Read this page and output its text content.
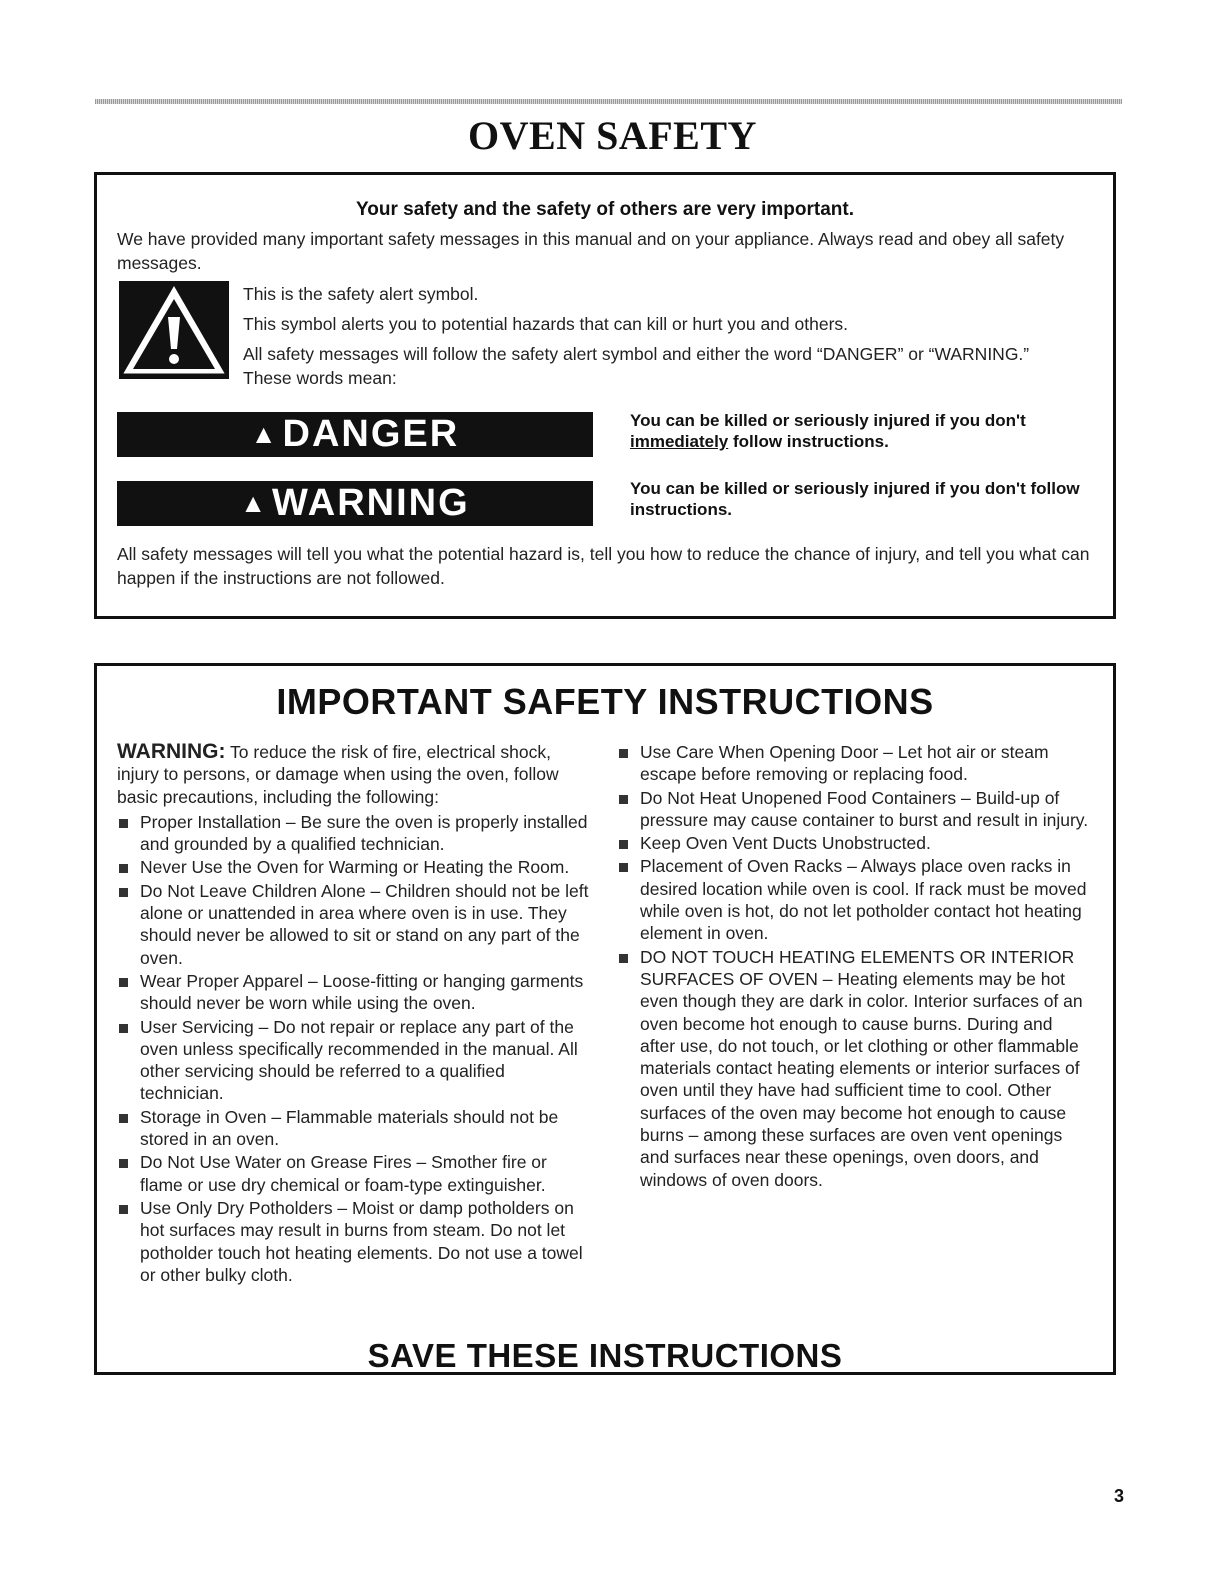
OVEN SAFETY
Your safety and the safety of others are very important.
We have provided many important safety messages in this manual and on your appliance. Always read and obey all safety messages.
This is the safety alert symbol.
This symbol alerts you to potential hazards that can kill or hurt you and others.
All safety messages will follow the safety alert symbol and either the word “DANGER” or “WARNING.” These words mean:
▲ DANGER	You can be killed or seriously injured if you don't immediately follow instructions.
▲ WARNING	You can be killed or seriously injured if you don't follow instructions.
All safety messages will tell you what the potential hazard is, tell you how to reduce the chance of injury, and tell you what can happen if the instructions are not followed.
IMPORTANT SAFETY INSTRUCTIONS

WARNING: To reduce the risk of fire, electrical shock, injury to persons, or damage when using the oven, follow basic precautions, including the following:

Proper Installation – Be sure the oven is properly installed and grounded by a qualified technician.
Never Use the Oven for Warming or Heating the Room.
Do Not Leave Children Alone – Children should not be left alone or unattended in area where oven is in use. They should never be allowed to sit or stand on any part of the oven.
Wear Proper Apparel – Loose-fitting or hanging garments should never be worn while using the oven.
User Servicing – Do not repair or replace any part of the oven unless specifically recommended in the manual. All other servicing should be referred to a qualified technician.
Storage in Oven – Flammable materials should not be stored in an oven.
Do Not Use Water on Grease Fires – Smother fire or flame or use dry chemical or foam-type extinguisher.
Use Only Dry Potholders – Moist or damp potholders on hot surfaces may result in burns from steam. Do not let potholder touch hot heating elements. Do not use a towel or other bulky cloth.
Use Care When Opening Door – Let hot air or steam escape before removing or replacing food.
Do Not Heat Unopened Food Containers – Build-up of pressure may cause container to burst and result in injury.
Keep Oven Vent Ducts Unobstructed.
Placement of Oven Racks – Always place oven racks in desired location while oven is cool. If rack must be moved while oven is hot, do not let potholder contact hot heating element in oven.
DO NOT TOUCH HEATING ELEMENTS OR INTERIOR SURFACES OF OVEN – Heating elements may be hot even though they are dark in color. Interior surfaces of an oven become hot enough to cause burns. During and after use, do not touch, or let clothing or other flammable materials contact heating elements or interior surfaces of oven until they have had sufficient time to cool. Other surfaces of the oven may become hot enough to cause burns – among these surfaces are oven vent openings and surfaces near these openings, oven doors, and windows of oven doors.
SAVE THESE INSTRUCTIONS
3
